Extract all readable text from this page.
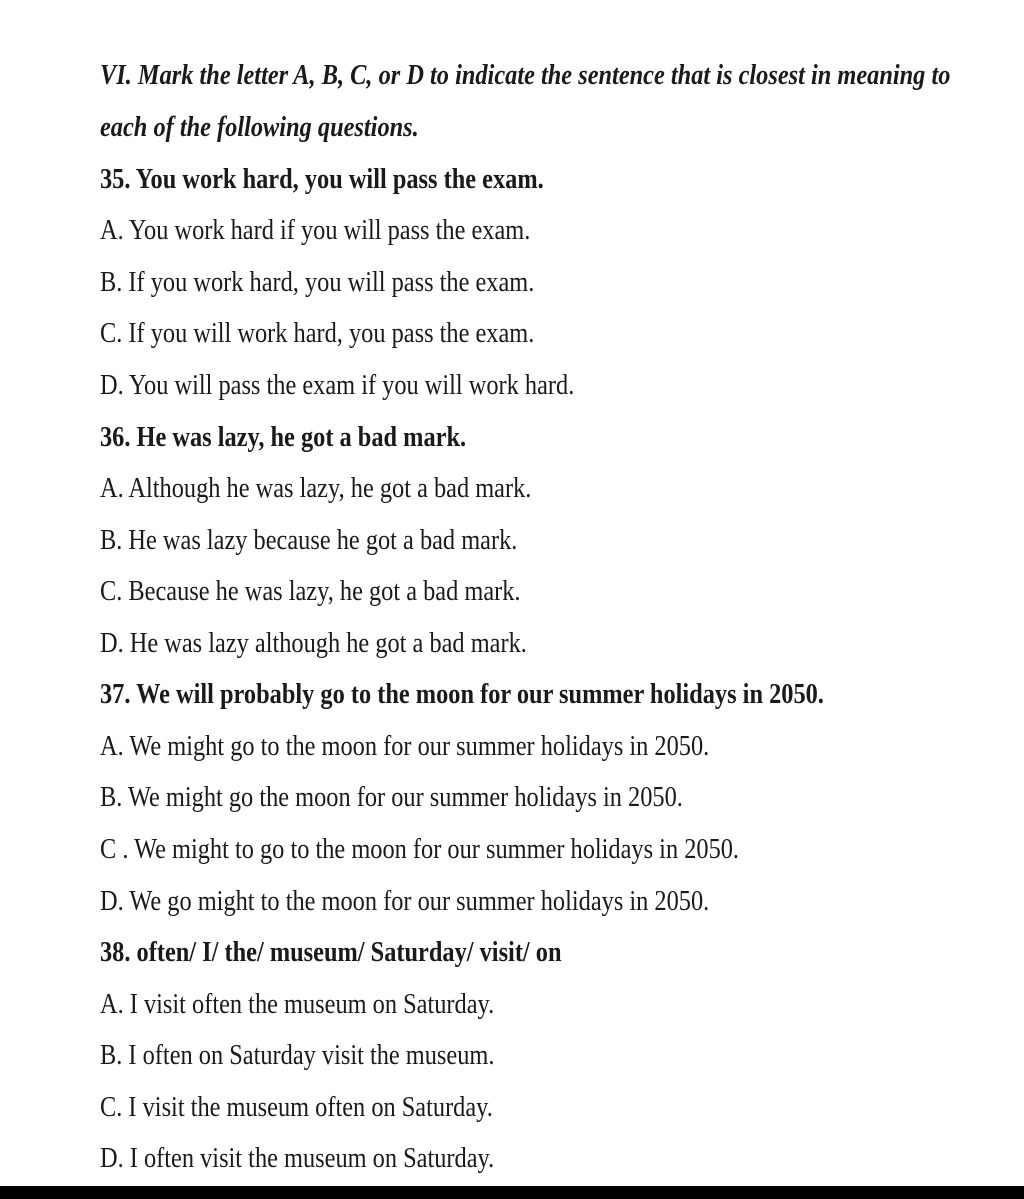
VI. Mark the letter A, B, C, or D to indicate the sentence that is closest in meaning to
each of the following questions.
35. You work hard, you will pass the exam.
A. You work hard if you will pass the exam.
B. If you work hard, you will pass the exam.
C. If you will work hard, you pass the exam.
D. You will pass the exam if you will work hard.
36. He was lazy, he got a bad mark.
A. Although he was lazy, he got a bad mark.
B. He was lazy because he got a bad mark.
C. Because he was lazy, he got a bad mark.
D. He was lazy although he got a bad mark.
37. We will probably go to the moon for our summer holidays in 2050.
A. We might go to the moon for our summer holidays in 2050.
B. We might go the moon for our summer holidays in 2050.
C . We might to go to the moon for our summer holidays in 2050.
D. We go might to the moon for our summer holidays in 2050.
38. often/ I/ the/ museum/ Saturday/ visit/ on
A. I visit often the museum on Saturday.
B. I often on Saturday visit the museum.
C. I visit the museum often on Saturday.
D. I often visit the museum on Saturday.
